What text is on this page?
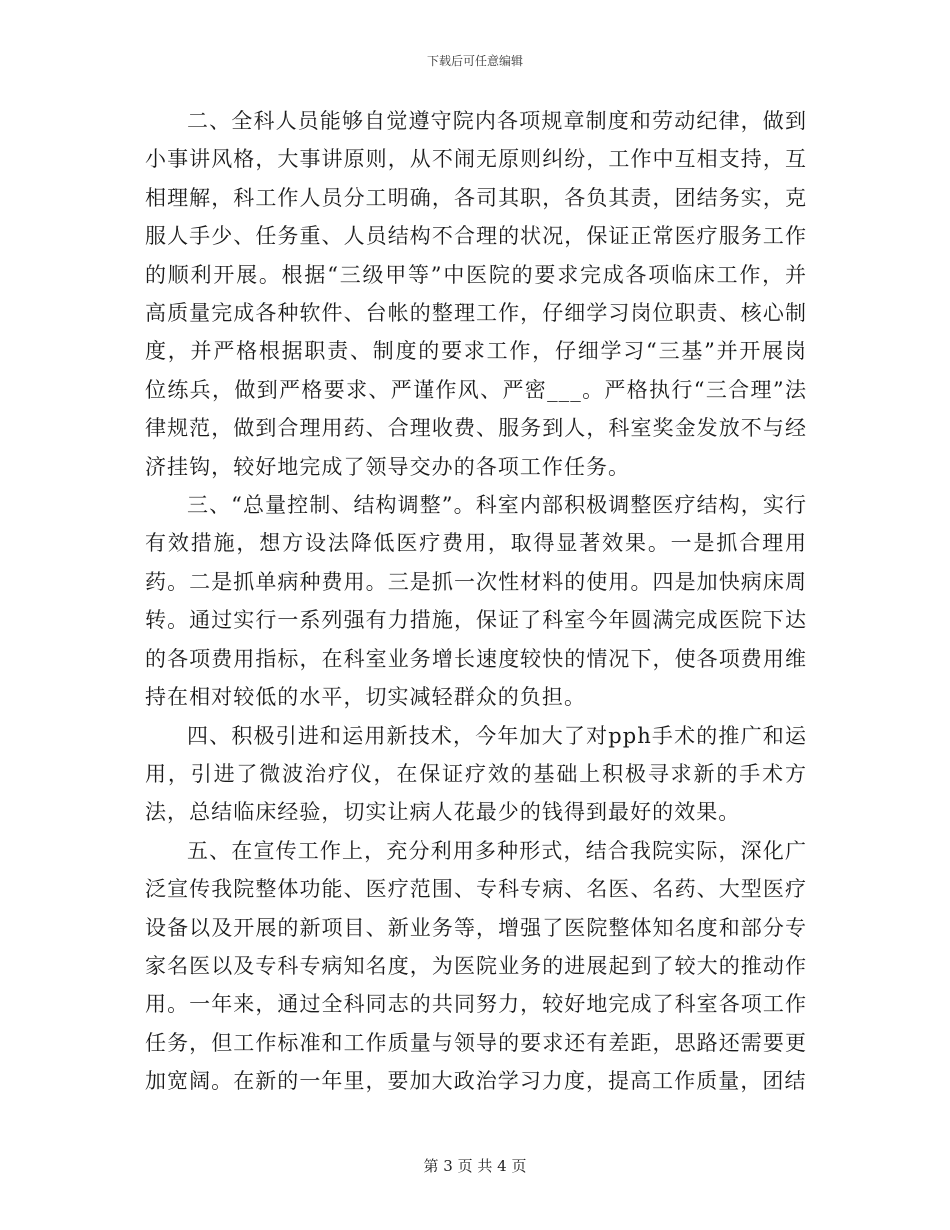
下载后可任意编辑

二、全科人员能够自觉遵守院内各项规章制度和劳动纪律，做到小事讲风格，大事讲原则，从不闹无原则纠纷，工作中互相支持，互相理解，科工作人员分工明确，各司其职，各负其责，团结务实，克服人手少、任务重、人员结构不合理的状况，保证正常医疗服务工作的顺利开展。根据“三级甲等”中医院的要求完成各项临床工作，并高质量完成各种软件、台帐的整理工作，仔细学习岗位职责、核心制度，并严格根据职责、制度的要求工作，仔细学习“三基”并开展岗位练兵，做到严格要求、严谨作风、严密___。严格执行“三合理”法律规范，做到合理用药、合理收费、服务到人，科室奖金发放不与经济挂钩，较好地完成了领导交办的各项工作任务。

三、“总量控制、结构调整”。科室内部积极调整医疗结构，实行有效措施，想方设法降低医疗费用，取得显著效果。一是抓合理用药。二是抓单病种费用。三是抓一次性材料的使用。四是加快病床周转。通过实行一系列强有力措施，保证了科室今年圆满完成医院下达的各项费用指标，在科室业务增长速度较快的情况下，使各项费用维持在相对较低的水平，切实减轻群众的负担。

四、积极引进和运用新技术，今年加大了对pph手术的推广和运用，引进了微波治疗仪，在保证疗效的基础上积极寻求新的手术方法，总结临床经验，切实让病人花最少的钱得到最好的效果。

五、在宣传工作上，充分利用多种形式，结合我院实际，深化广泛宣传我院整体功能、医疗范围、专科专病、名医、名药、大型医疗设备以及开展的新项目、新业务等，增强了医院整体知名度和部分专家名医以及专科专病知名度，为医院业务的进展起到了较大的推动作用。一年来，通过全科同志的共同努力，较好地完成了科室各项工作任务，但工作标准和工作质量与领导的要求还有差距，思路还需要更加宽阔。在新的一年里，要加大政治学习力度，提高工作质量，团结

第 3 页 共 4 页
